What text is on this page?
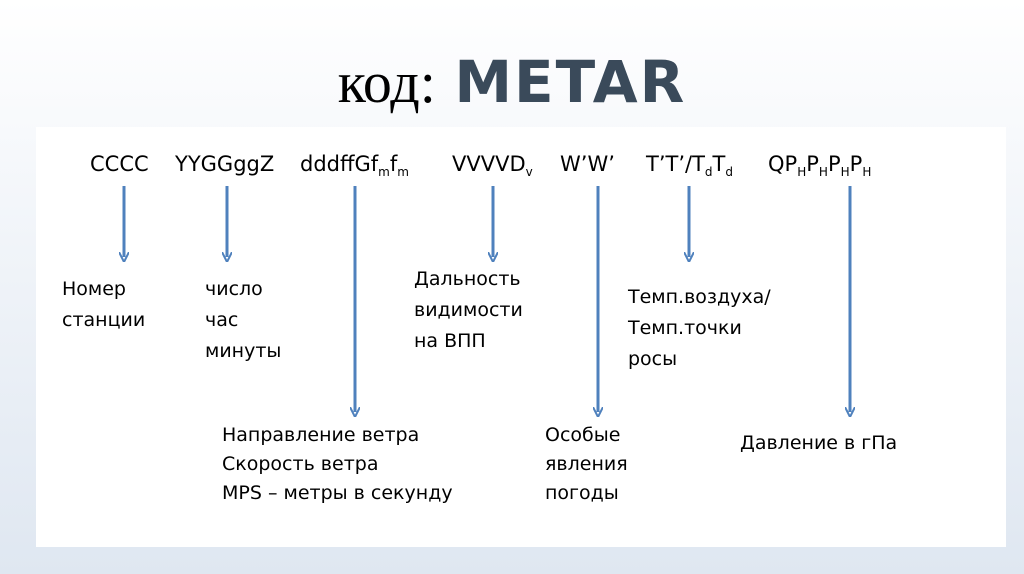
код: METAR
CCCC YYGGggZ $dddffGf_mf_m$ $VVVVD_v$ W’W’ $T’T’/T_dT_d$ $QP_HP_HP_HP_H$
Номер
станции
число
час
минуты
Дальность
видимости
на ВПП
Темп.воздуха/
Темп.точки
росы
Направление ветра
Скорость ветра
MPS – метры в секунду
Особые
явления
погоды
Давление в гПа
